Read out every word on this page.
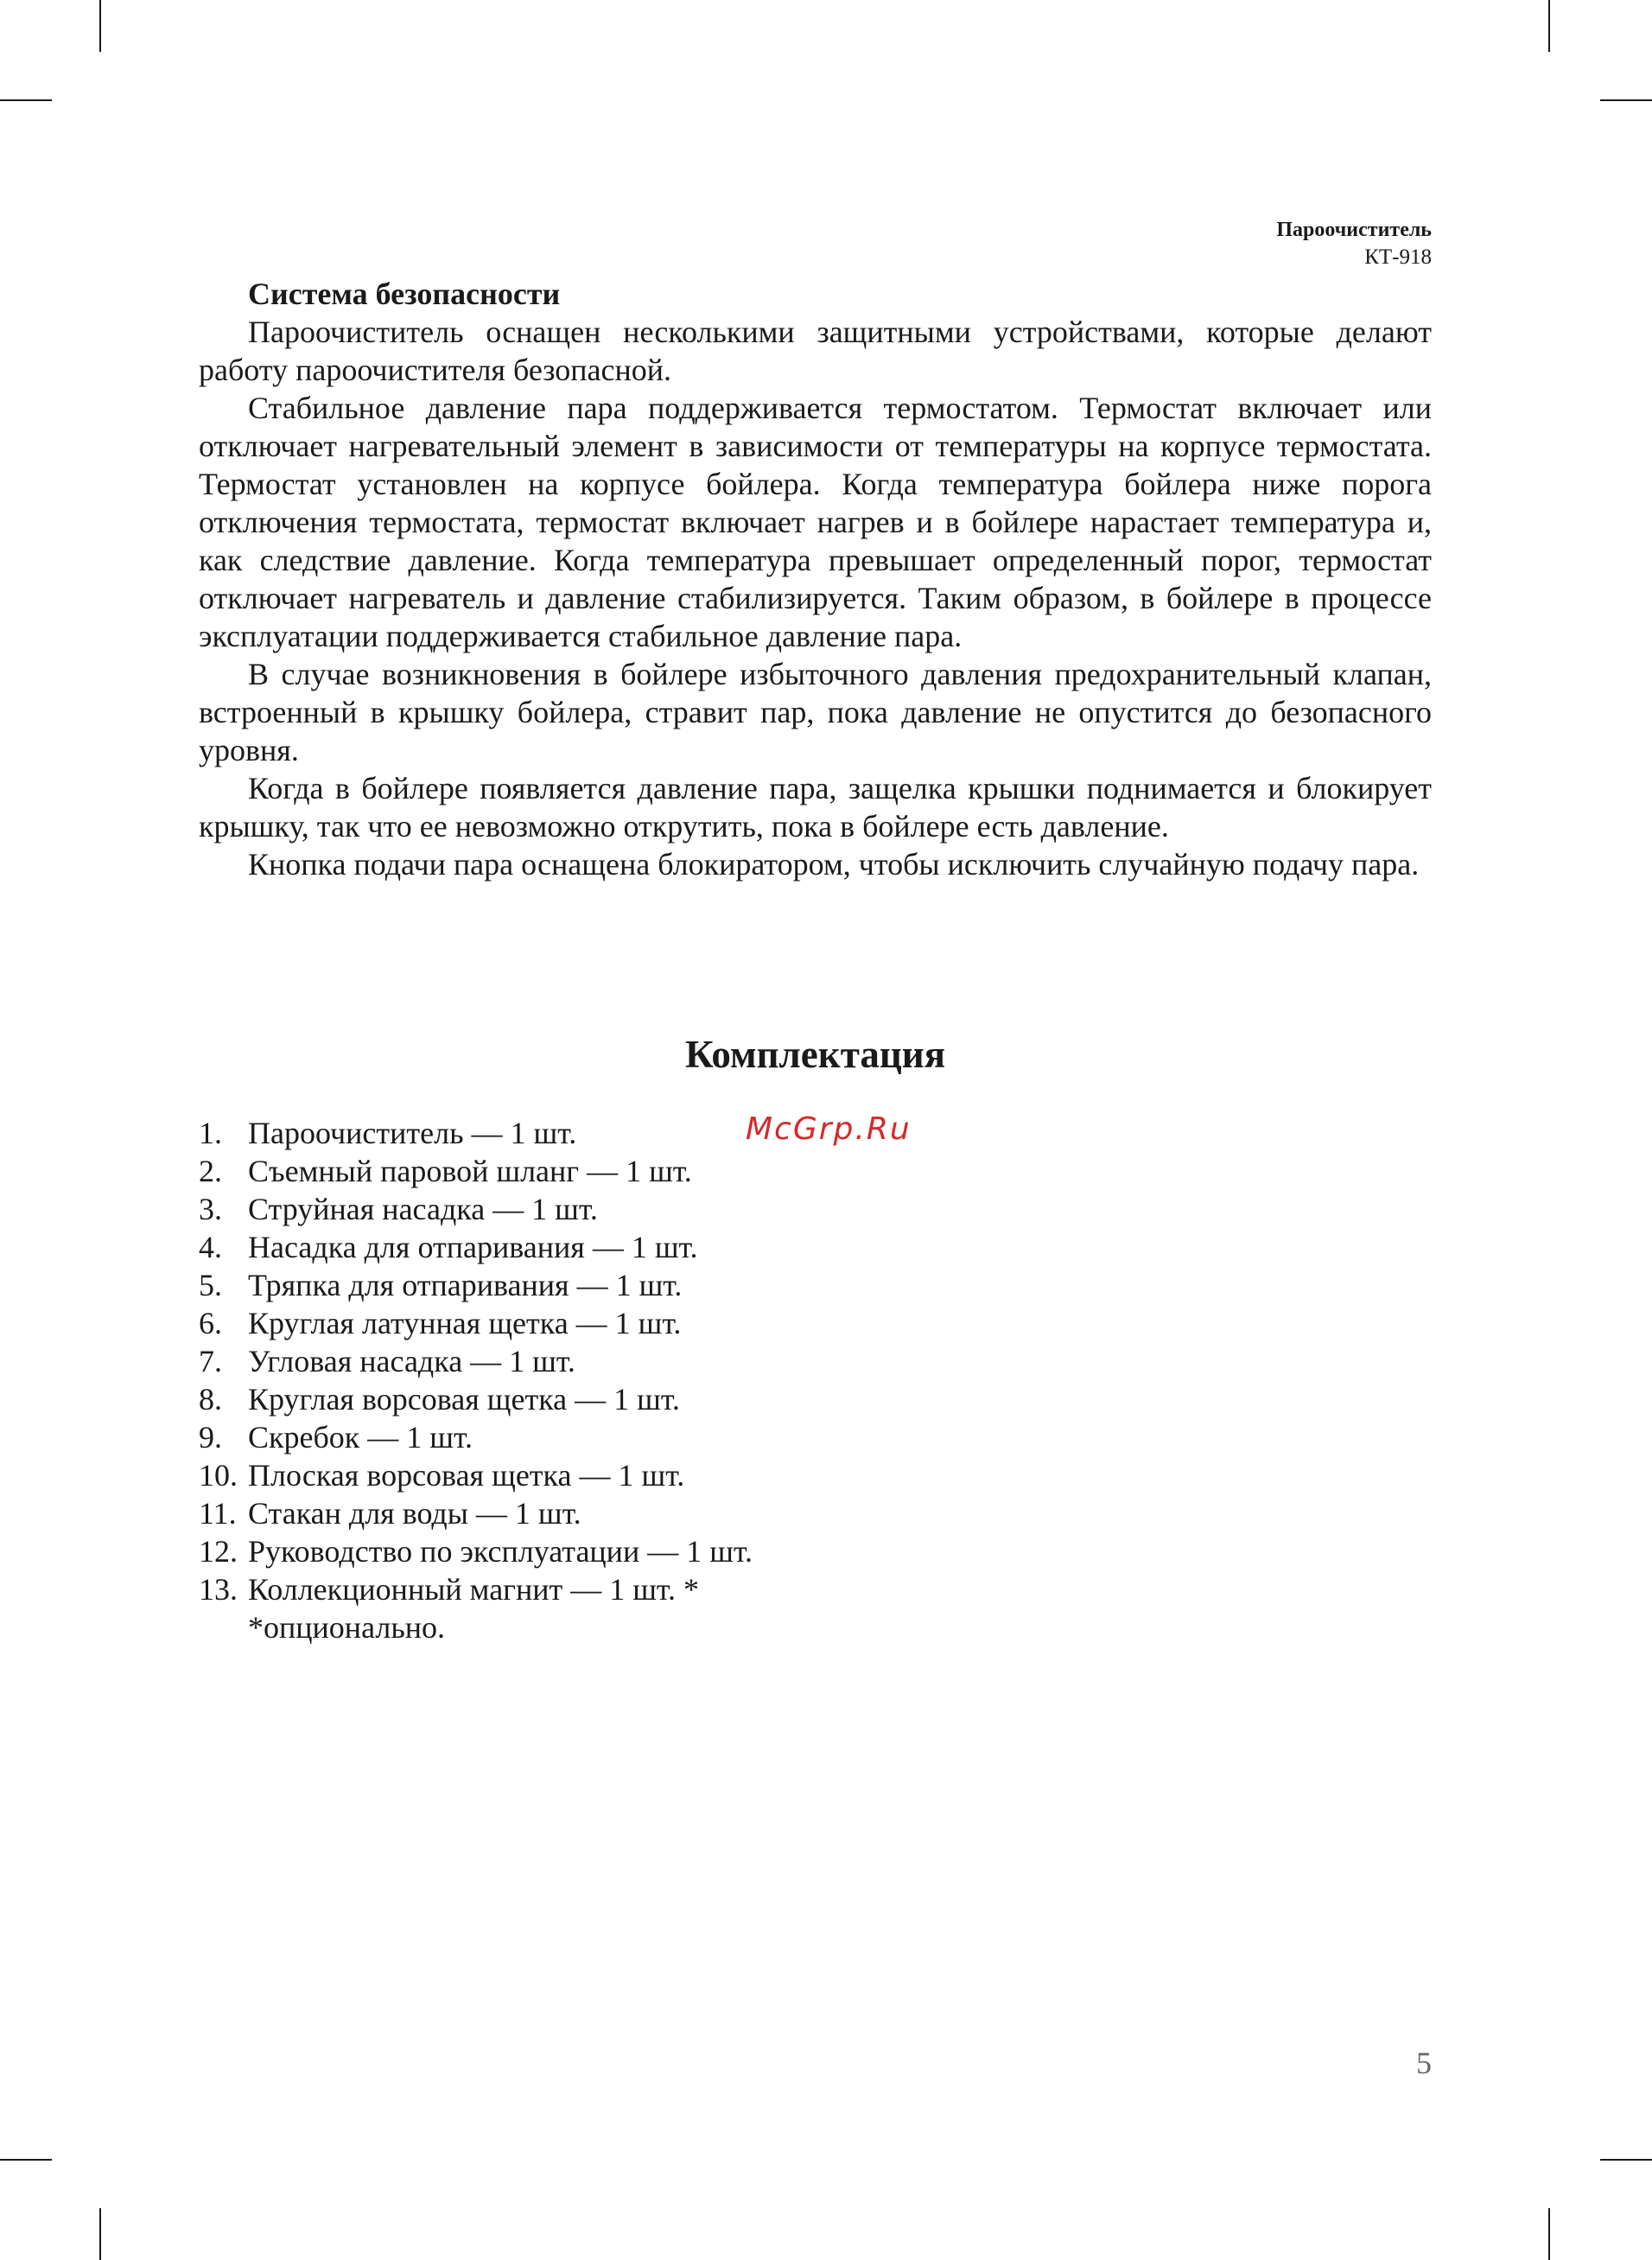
Пароочиститель
КТ-918
Система безопасности

Пароочиститель оснащен несколькими защитными устройствами, которые делают работу пароочистителя безопасной.

Стабильное давление пара поддерживается термостатом. Термостат включает или отключает нагревательный элемент в зависимости от температуры на корпусе термостата. Термостат установлен на корпусе бойлера. Когда температура бойлера ниже порога отключения термостата, термостат включает нагрев и в бойлере нарастает температура и, как следствие давление. Когда температура превышает определенный порог, термостат отключает нагреватель и давление стабилизируется. Таким образом, в бойлере в процессе эксплуатации поддерживается стабильное давление пара.

В случае возникновения в бойлере избыточного давления предохранительный клапан, встроенный в крышку бойлера, стравит пар, пока давление не опустится до безопасного уровня.

Когда в бойлере появляется давление пара, защелка крышки поднимается и блокирует крышку, так что ее невозможно открутить, пока в бойлере есть давление.

Кнопка подачи пара оснащена блокиратором, чтобы исключить случайную подачу пара.

Комплектация
1. Пароочиститель — 1 шт.
2. Съемный паровой шланг — 1 шт.
3. Струйная насадка — 1 шт.
4. Насадка для отпаривания — 1 шт.
5. Тряпка для отпаривания — 1 шт.
6. Круглая латунная щетка — 1 шт.
7. Угловая насадка — 1 шт.
8. Круглая ворсовая щетка — 1 шт.
9. Скребок — 1 шт.
10. Плоская ворсовая щетка — 1 шт.
11. Стакан для воды — 1 шт.
12. Руководство по эксплуатации — 1 шт.
13. Коллекционный магнит — 1 шт. *
*опционально.
McGrp.Ru
5
